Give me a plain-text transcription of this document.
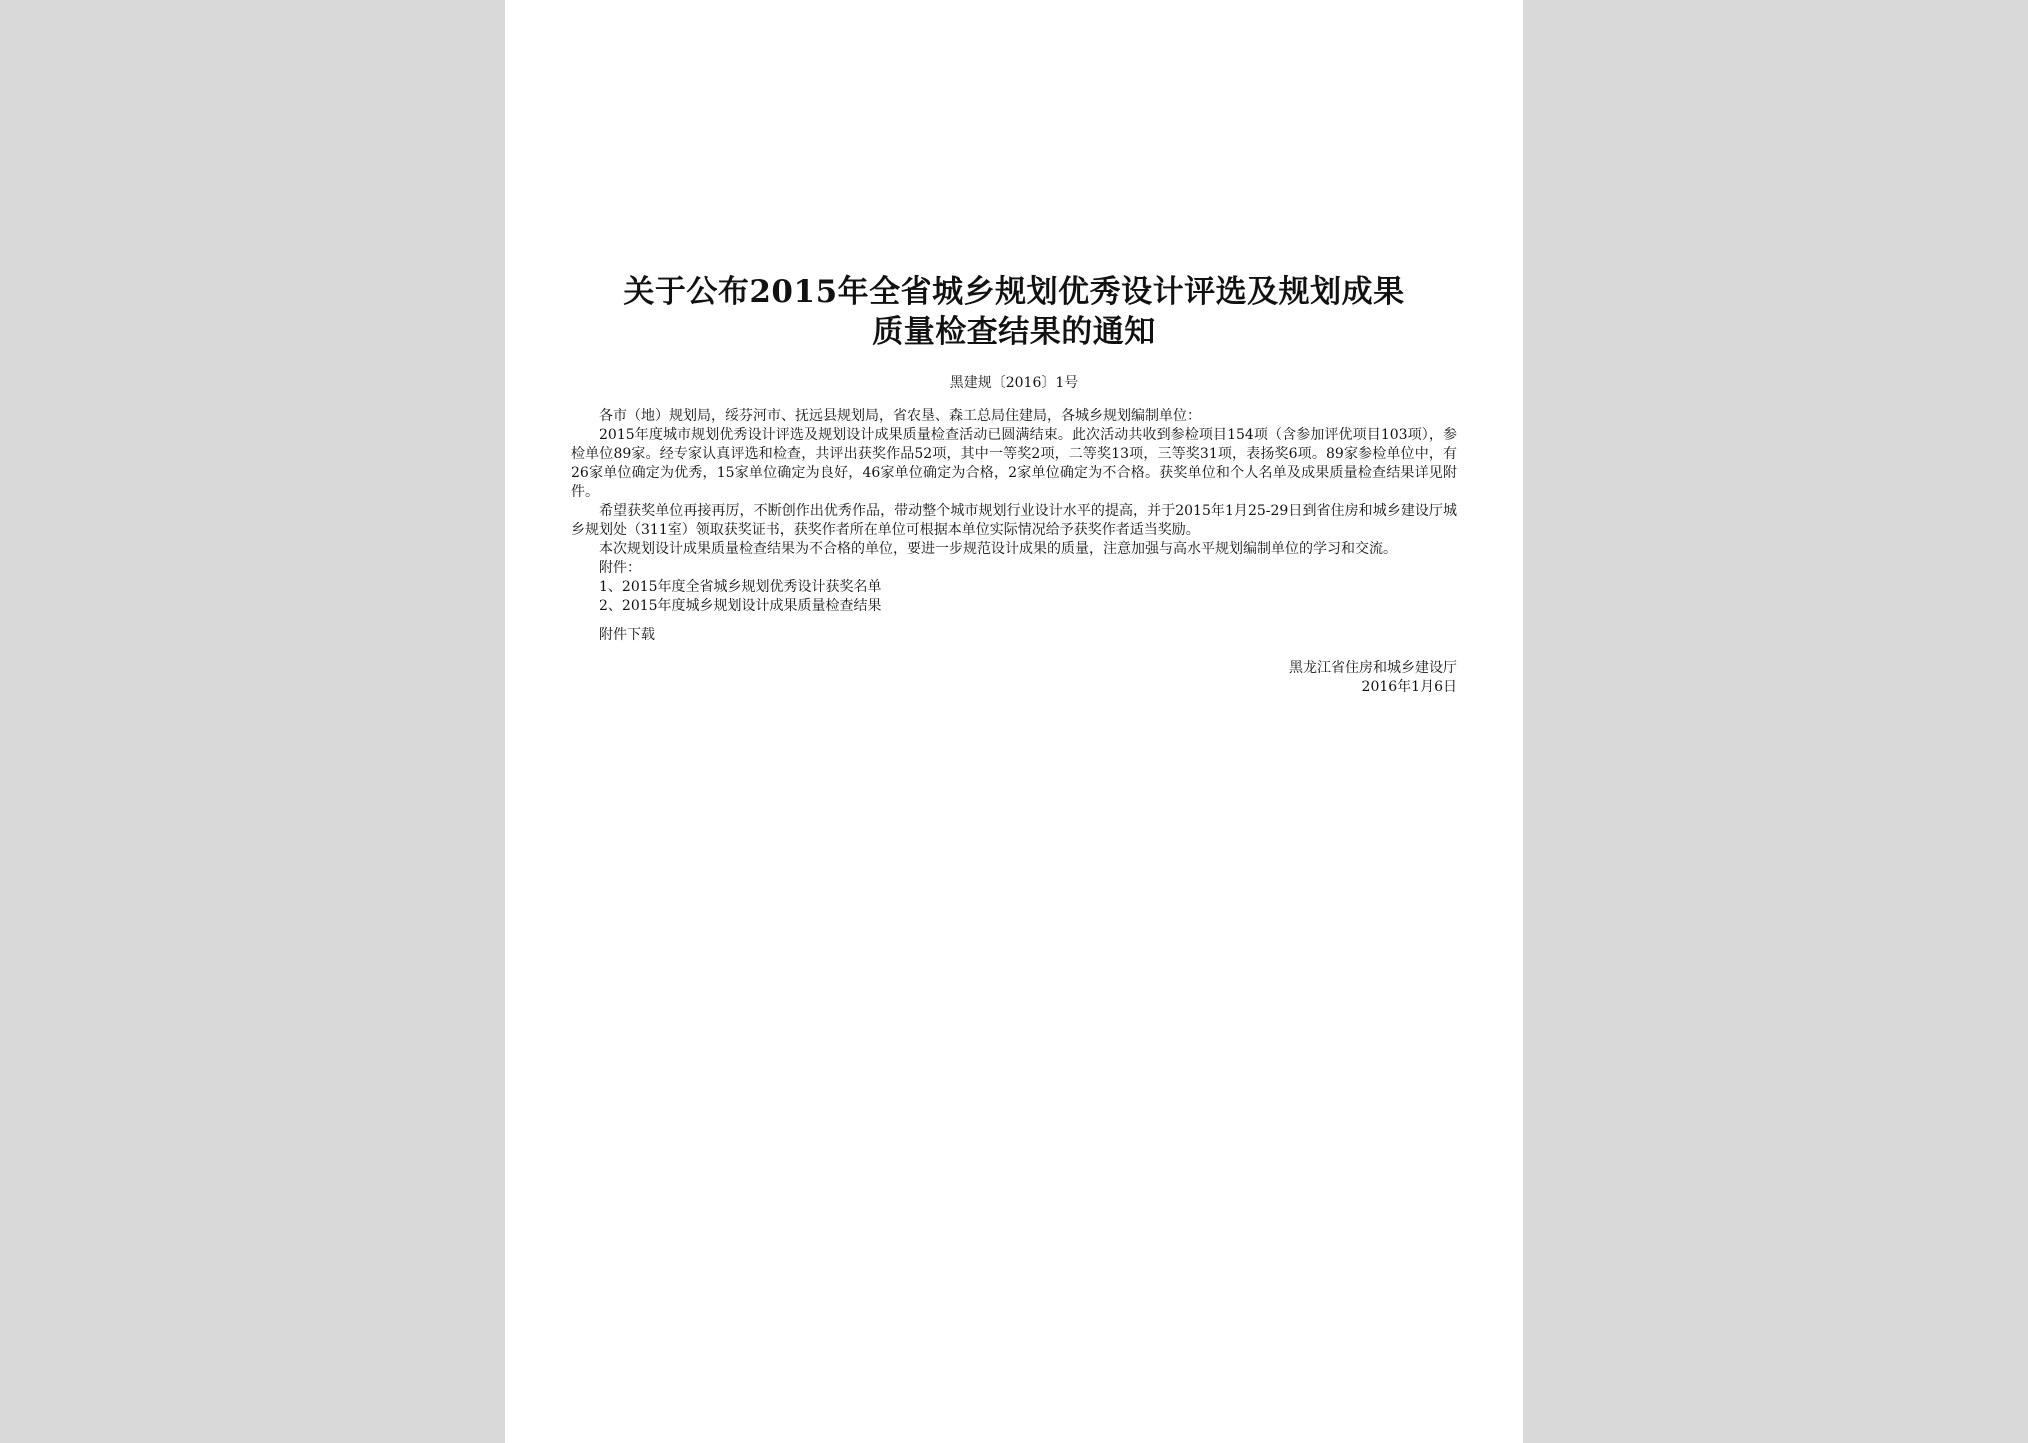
关于公布2015年全省城乡规划优秀设计评选及规划成果
质量检查结果的通知
黑建规〔2016〕1号

各市（地）规划局，绥芬河市、抚远县规划局，省农垦、森工总局住建局，各城乡规划编制单位：

2015年度城市规划优秀设计评选及规划设计成果质量检查活动已圆满结束。此次活动共收到参检项目154项（含参加评优项目103项），参检单位89家。经专家认真评选和检查，共评出获奖作品52项，其中一等奖2项，二等奖13项，三等奖31项，表扬奖6项。89家参检单位中，有26家单位确定为优秀，15家单位确定为良好，46家单位确定为合格，2家单位确定为不合格。获奖单位和个人名单及成果质量检查结果详见附件。

希望获奖单位再接再厉，不断创作出优秀作品，带动整个城市规划行业设计水平的提高，并于2015年1月25-29日到省住房和城乡建设厅城乡规划处（311室）领取获奖证书，获奖作者所在单位可根据本单位实际情况给予获奖作者适当奖励。

本次规划设计成果质量检查结果为不合格的单位，要进一步规范设计成果的质量，注意加强与高水平规划编制单位的学习和交流。

附件：
1、2015年度全省城乡规划优秀设计获奖名单
2、2015年度城乡规划设计成果质量检查结果
附件下载
黑龙江省住房和城乡建设厅
2016年1月6日
